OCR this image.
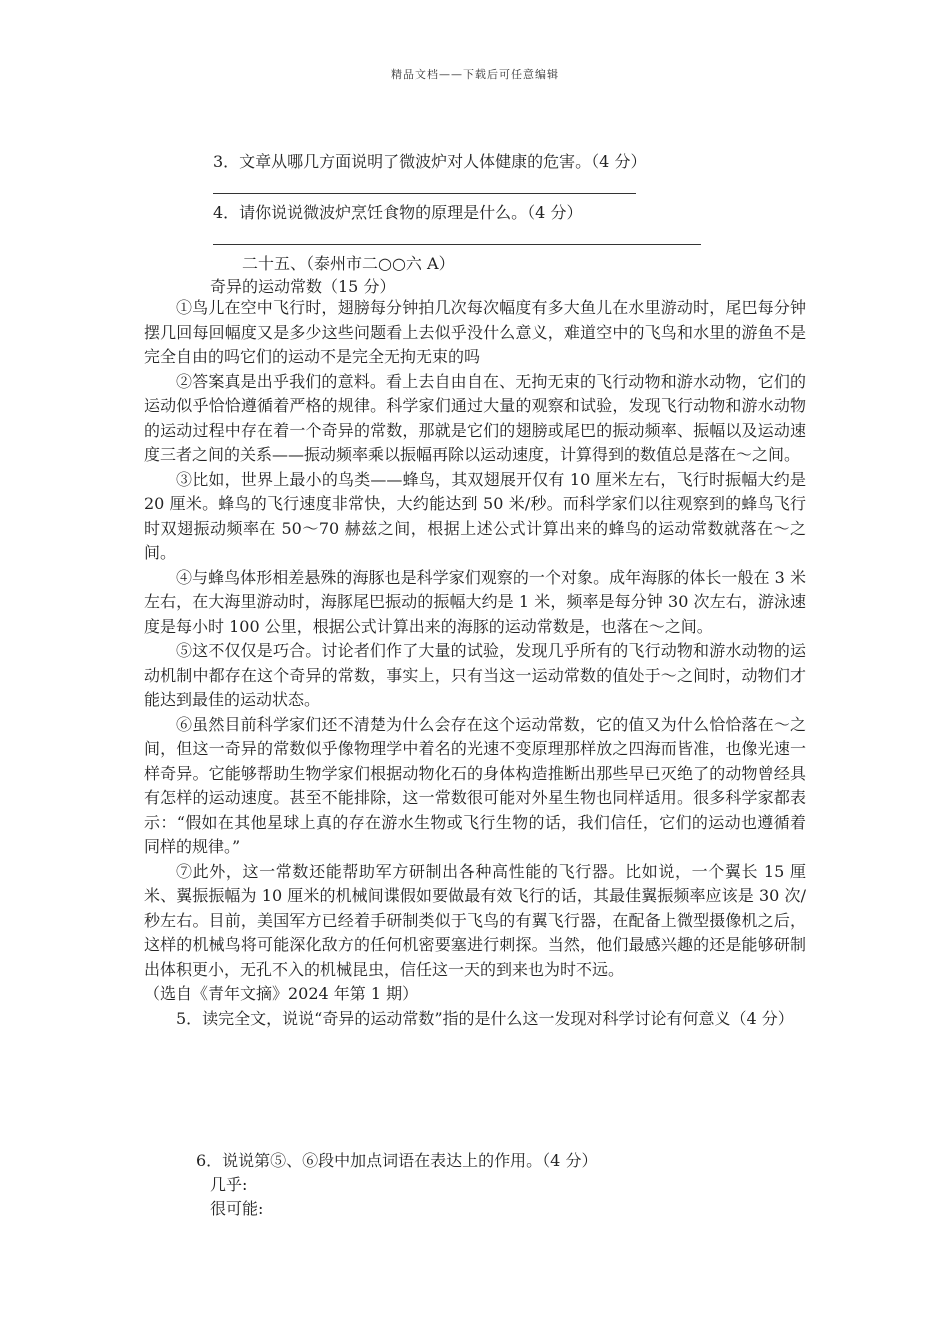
精品文档——下载后可任意编辑
3．文章从哪几方面说明了微波炉对人体健康的危害。（4 分）
4．请你说说微波炉烹饪食物的原理是什么。（4 分）
二十五、（泰州市二○○六 A）
奇异的运动常数（15 分）

①鸟儿在空中飞行时，翅膀每分钟拍几次每次幅度有多大鱼儿在水里游动时，尾巴每分钟摆几回每回幅度又是多少这些问题看上去似乎没什么意义，难道空中的飞鸟和水里的游鱼不是完全自由的吗它们的运动不是完全无拘无束的吗

②答案真是出乎我们的意料。看上去自由自在、无拘无束的飞行动物和游水动物，它们的运动似乎恰恰遵循着严格的规律。科学家们通过大量的观察和试验，发现飞行动物和游水动物的运动过程中存在着一个奇异的常数，那就是它们的翅膀或尾巴的振动频率、振幅以及运动速度三者之间的关系——振动频率乘以振幅再除以运动速度，计算得到的数值总是落在～之间。

③比如，世界上最小的鸟类——蜂鸟，其双翅展开仅有 10 厘米左右，飞行时振幅大约是 20 厘米。蜂鸟的飞行速度非常快，大约能达到 50 米/秒。而科学家们以往观察到的蜂鸟飞行时双翅振动频率在 50～70 赫兹之间，根据上述公式计算出来的蜂鸟的运动常数就落在～之间。

④与蜂鸟体形相差悬殊的海豚也是科学家们观察的一个对象。成年海豚的体长一般在 3 米左右，在大海里游动时，海豚尾巴振动的振幅大约是 1 米，频率是每分钟 30 次左右，游泳速度是每小时 100 公里，根据公式计算出来的海豚的运动常数是，也落在～之间。

⑤这不仅仅是巧合。讨论者们作了大量的试验，发现几乎所有的飞行动物和游水动物的运动机制中都存在这个奇异的常数，事实上，只有当这一运动常数的值处于～之间时，动物们才能达到最佳的运动状态。

⑥虽然目前科学家们还不清楚为什么会存在这个运动常数，它的值又为什么恰恰落在～之间，但这一奇异的常数似乎像物理学中着名的光速不变原理那样放之四海而皆准，也像光速一样奇异。它能够帮助生物学家们根据动物化石的身体构造推断出那些早已灭绝了的动物曾经具有怎样的运动速度。甚至不能排除，这一常数很可能对外星生物也同样适用。很多科学家都表示：“假如在其他星球上真的存在游水生物或飞行生物的话，我们信任，它们的运动也遵循着同样的规律。”

⑦此外，这一常数还能帮助军方研制出各种高性能的飞行器。比如说，一个翼长 15 厘米、翼振振幅为 10 厘米的机械间谍假如要做最有效飞行的话，其最佳翼振频率应该是 30 次/秒左右。目前，美国军方已经着手研制类似于飞鸟的有翼飞行器，在配备上微型摄像机之后，这样的机械鸟将可能深化敌方的任何机密要塞进行刺探。当然，他们最感兴趣的还是能够研制出体积更小，无孔不入的机械昆虫，信任这一天的到来也为时不远。

（选自《青年文摘》2024 年第 1 期）

5．读完全文，说说“奇异的运动常数”指的是什么这一发现对科学讨论有何意义（4 分）

6．说说第⑤、⑥段中加点词语在表达上的作用。（4 分）
几乎:
很可能:
